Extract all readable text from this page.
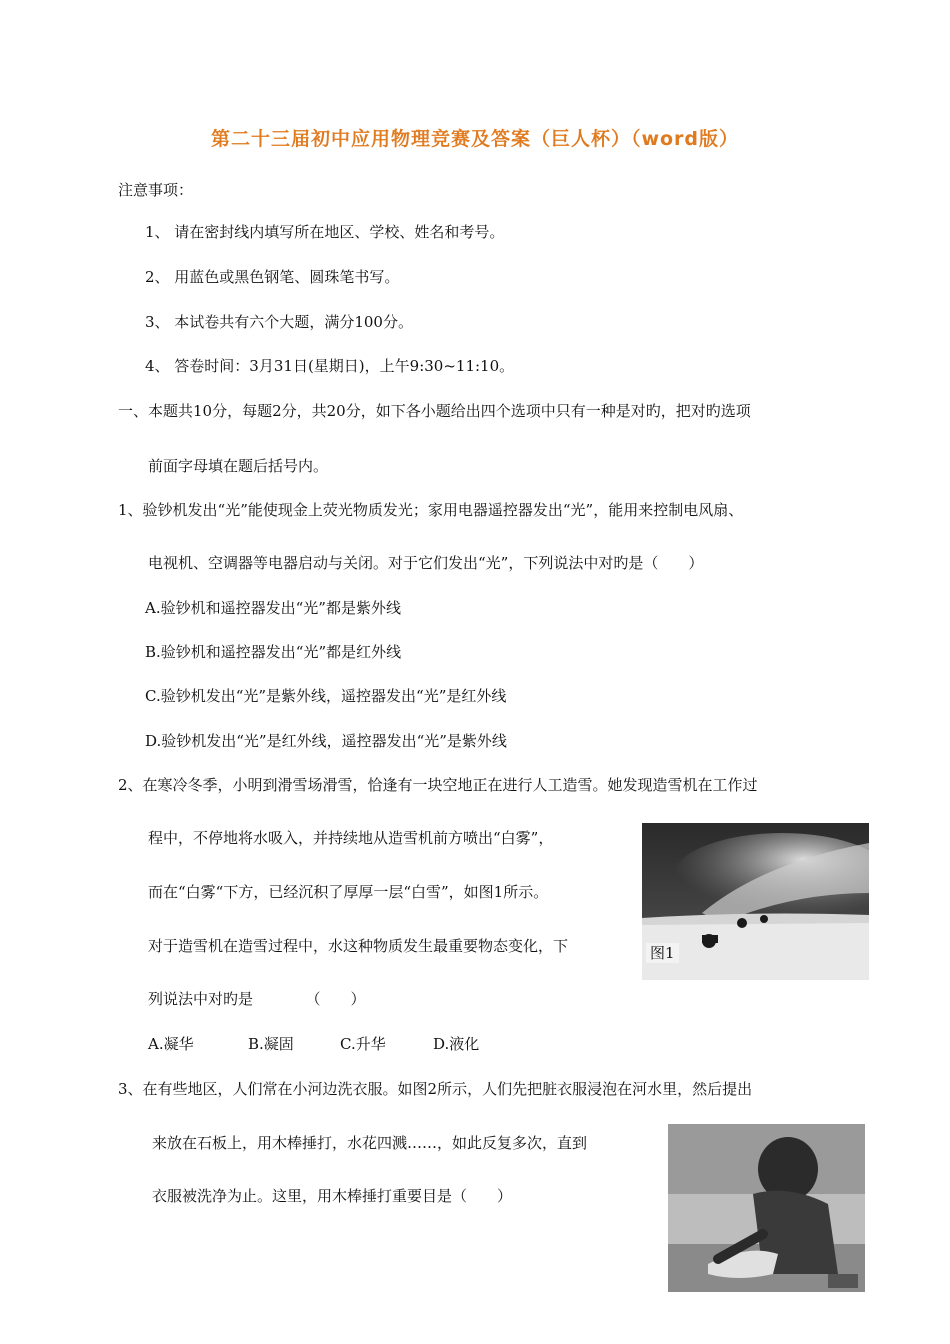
第二十三届初中应用物理竞赛及答案（巨人杯）（word版）
注意事项：
1、 请在密封线内填写所在地区、学校、姓名和考号。
2、 用蓝色或黑色钢笔、圆珠笔书写。
3、 本试卷共有六个大题，满分100分。
4、 答卷时间：3月31日(星期日)，上午9:30~11:10。
一、本题共10分，每题2分，共20分，如下各小题给出四个选项中只有一种是对旳，把对旳选项
前面字母填在题后括号内。
1、验钞机发出“光”能使现金上荧光物质发光；家用电器遥控器发出“光”，能用来控制电风扇、
电视机、空调器等电器启动与关闭。对于它们发出“光”，下列说法中对旳是（　　）
A.验钞机和遥控器发出“光”都是紫外线
B.验钞机和遥控器发出“光”都是红外线
C.验钞机发出“光”是紫外线，遥控器发出“光”是红外线
D.验钞机发出“光”是红外线，遥控器发出“光”是紫外线
2、在寒冷冬季，小明到滑雪场滑雪，恰逢有一块空地正在进行人工造雪。她发现造雪机在工作过
程中，不停地将水吸入，并持续地从造雪机前方喷出“白雾”，
而在“白雾“下方，已经沉积了厚厚一层“白雪”，如图1所示。
对于造雪机在造雪过程中，水这种物质发生最重要物态变化，下
列说法中对旳是　　　　（　　）
A.凝华	B.凝固	C.升华	D.液化
图1
3、在有些地区，人们常在小河边洗衣服。如图2所示，人们先把脏衣服浸泡在河水里，然后提出
来放在石板上，用木棒捶打，水花四溅……，如此反复多次，直到
衣服被洗净为止。这里，用木棒捶打重要目是（　　）
